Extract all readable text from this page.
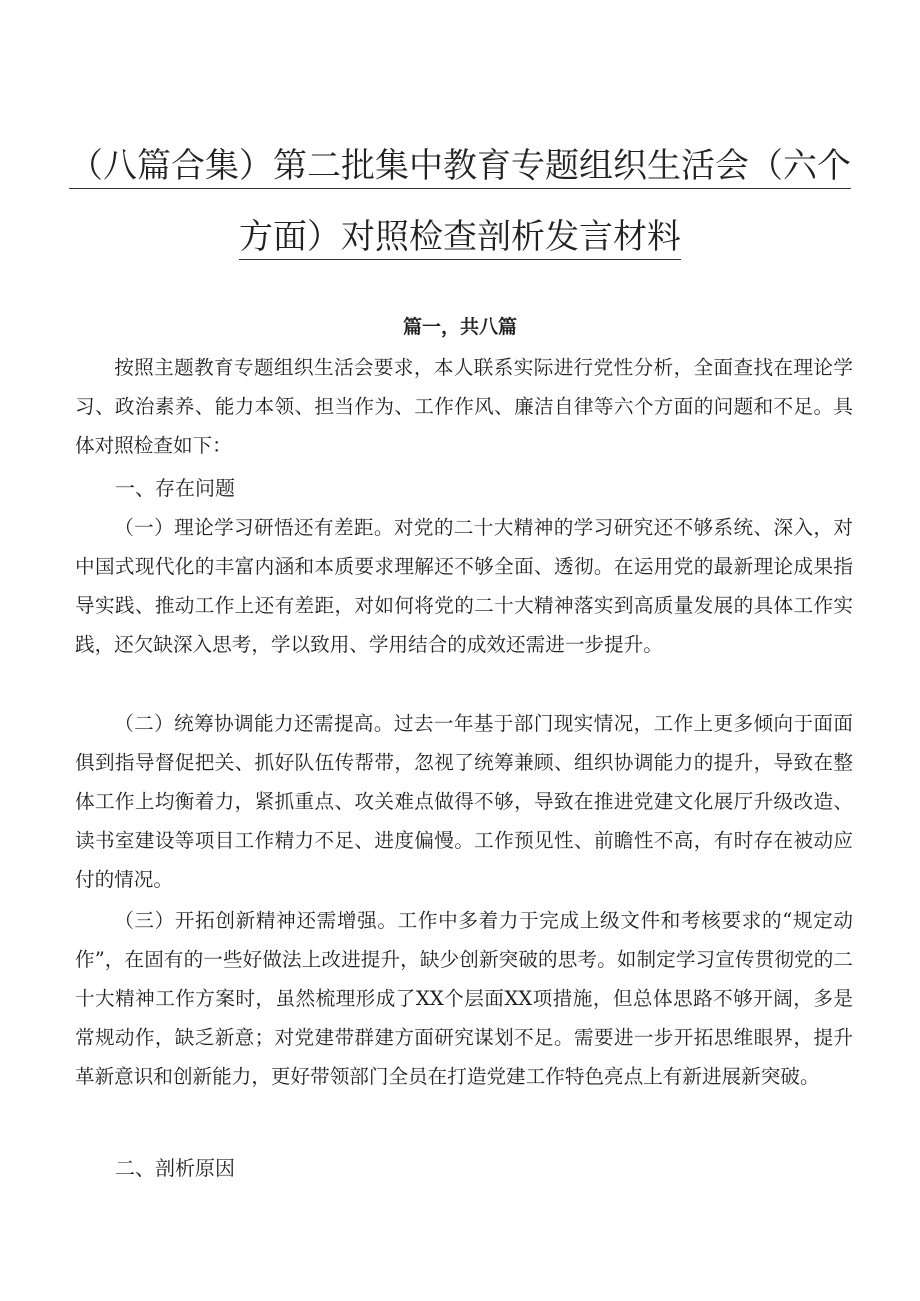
（八篇合集）第二批集中教育专题组织生活会（六个
方面）对照检查剖析发言材料
篇一，共八篇

按照主题教育专题组织生活会要求，本人联系实际进行党性分析，全面查找在理论学习、政治素养、能力本领、担当作为、工作作风、廉洁自律等六个方面的问题和不足。具体对照检查如下：

一、存在问题

（一）理论学习研悟还有差距。对党的二十大精神的学习研究还不够系统、深入，对中国式现代化的丰富内涵和本质要求理解还不够全面、透彻。在运用党的最新理论成果指导实践、推动工作上还有差距，对如何将党的二十大精神落实到高质量发展的具体工作实践，还欠缺深入思考，学以致用、学用结合的成效还需进一步提升。

（二）统筹协调能力还需提高。过去一年基于部门现实情况，工作上更多倾向于面面俱到指导督促把关、抓好队伍传帮带，忽视了统筹兼顾、组织协调能力的提升，导致在整体工作上均衡着力，紧抓重点、攻关难点做得不够，导致在推进党建文化展厅升级改造、读书室建设等项目工作精力不足、进度偏慢。工作预见性、前瞻性不高，有时存在被动应付的情况。

（三）开拓创新精神还需增强。工作中多着力于完成上级文件和考核要求的“规定动作”，在固有的一些好做法上改进提升，缺少创新突破的思考。如制定学习宣传贯彻党的二十大精神工作方案时，虽然梳理形成了XX个层面XX项措施，但总体思路不够开阔，多是常规动作，缺乏新意；对党建带群建方面研究谋划不足。需要进一步开拓思维眼界，提升革新意识和创新能力，更好带领部门全员在打造党建工作特色亮点上有新进展新突破。

二、剖析原因
